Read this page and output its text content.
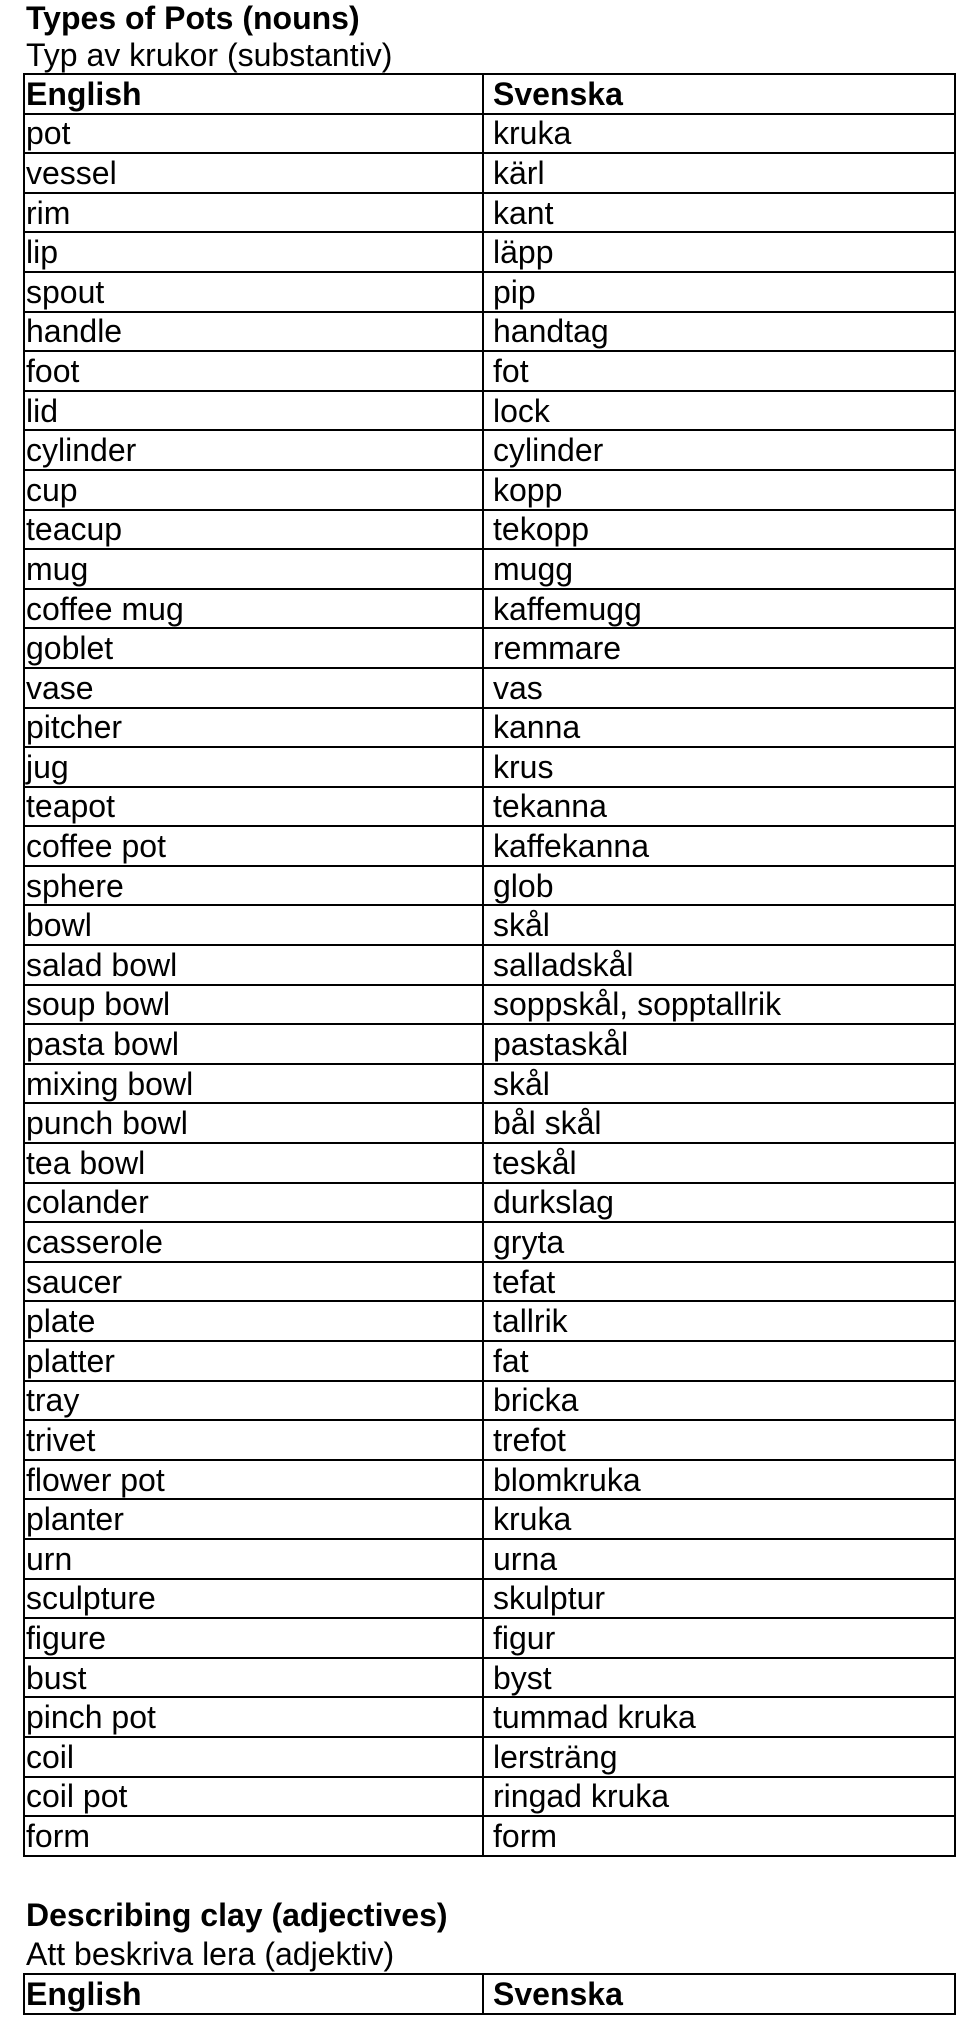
Types of Pots (nouns)

Typ av krukor (substantiv)

English	Svenska
pot	kruka
vessel	kärl
rim	kant
lip	läpp
spout	pip
handle	handtag
foot	fot
lid	lock
cylinder	cylinder
cup	kopp
teacup	tekopp
mug	mugg
coffee mug	kaffemugg
goblet	remmare
vase	vas
pitcher	kanna
jug	krus
teapot	tekanna
coffee pot	kaffekanna
sphere	glob
bowl	skål
salad bowl	salladskål
soup bowl	soppskål, sopptallrik
pasta bowl	pastaskål
mixing bowl	skål
punch bowl	bål skål
tea bowl	teskål
colander	durkslag
casserole	gryta
saucer	tefat
plate	tallrik
platter	fat
tray	bricka
trivet	trefot
flower pot	blomkruka
planter	kruka
urn	urna
sculpture	skulptur
figure	figur
bust	byst
pinch pot	tummad kruka
coil	lersträng
coil pot	ringad kruka
form	form
Describing clay (adjectives)

Att beskriva lera (adjektiv)

English	Svenska
